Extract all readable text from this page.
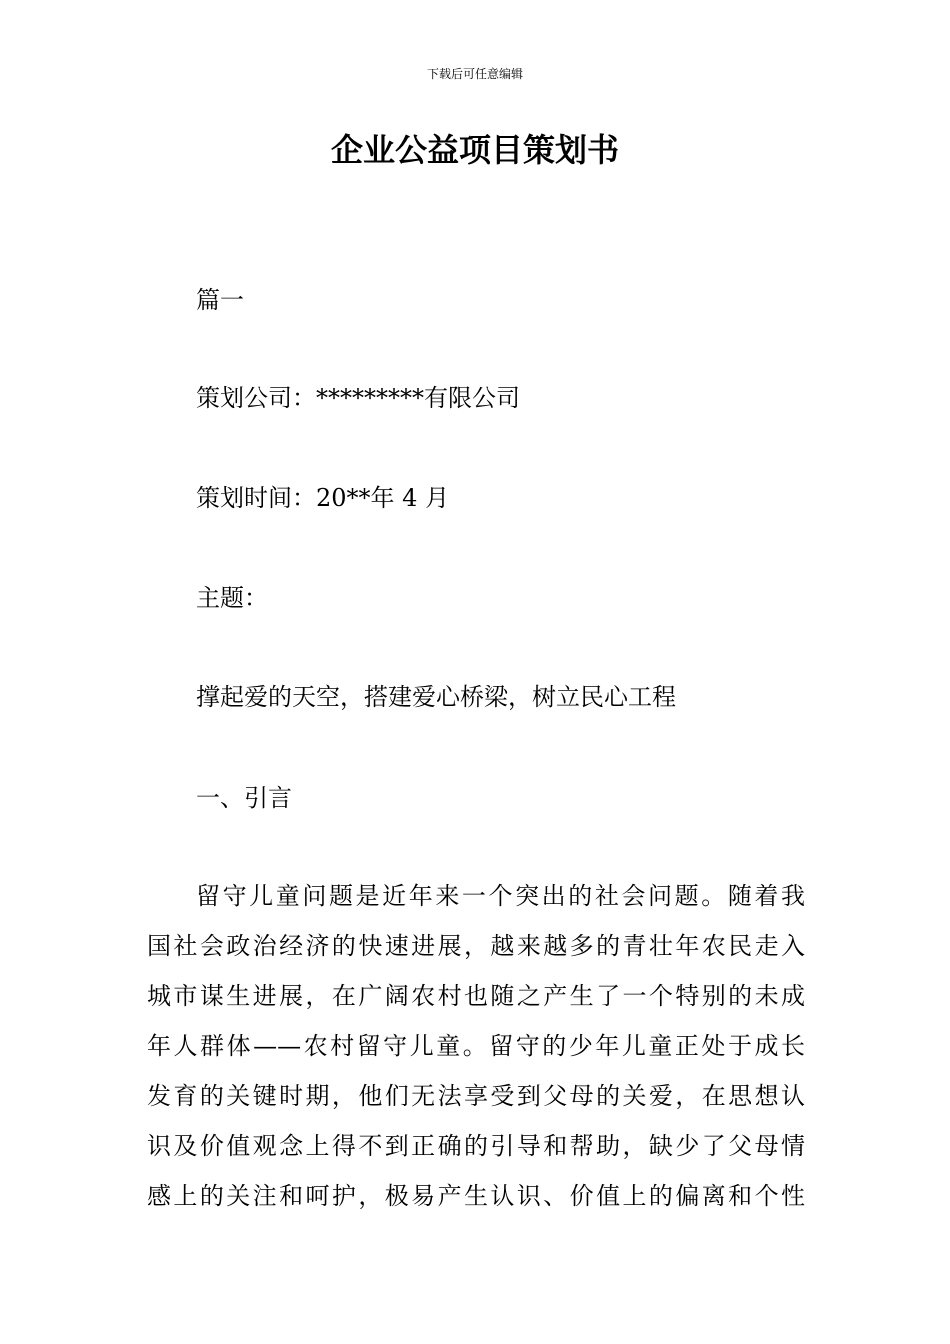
下载后可任意编辑
企业公益项目策划书
篇一
策划公司：*********有限公司
策划时间：20**年 4 月
主题：
撑起爱的天空，搭建爱心桥梁，树立民心工程
一、引言
留守儿童问题是近年来一个突出的社会问题。随着我
国社会政治经济的快速进展，越来越多的青壮年农民走入
城市谋生进展，在广阔农村也随之产生了一个特别的未成
年人群体——农村留守儿童。留守的少年儿童正处于成长
发育的关键时期，他们无法享受到父母的关爱，在思想认
识及价值观念上得不到正确的引导和帮助，缺少了父母情
感上的关注和呵护，极易产生认识、价值上的偏离和个性
